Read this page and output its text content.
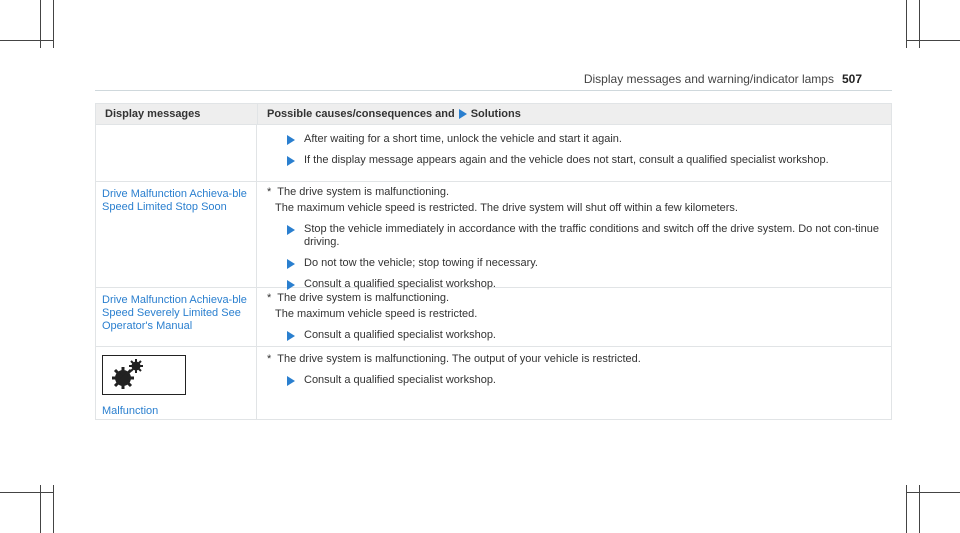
Display messages and warning/indicator lamps 507
Display messages	Possible causes/consequences and Solutions
After waiting for a short time, unlock the vehicle and start it again.
If the display message appears again and the vehicle does not start, consult a qualified specialist workshop.
Drive Malfunction Achieva-ble Speed Limited Stop Soon
* The drive system is malfunctioning.
The maximum vehicle speed is restricted. The drive system will shut off within a few kilometers.
Stop the vehicle immediately in accordance with the traffic conditions and switch off the drive system. Do not con-tinue driving.
Do not tow the vehicle; stop towing if necessary.
Consult a qualified specialist workshop.
Drive Malfunction Achieva-ble Speed Severely Limited See Operator's Manual
* The drive system is malfunctioning.
The maximum vehicle speed is restricted.
Consult a qualified specialist workshop.
Malfunction
* The drive system is malfunctioning. The output of your vehicle is restricted.
Consult a qualified specialist workshop.
